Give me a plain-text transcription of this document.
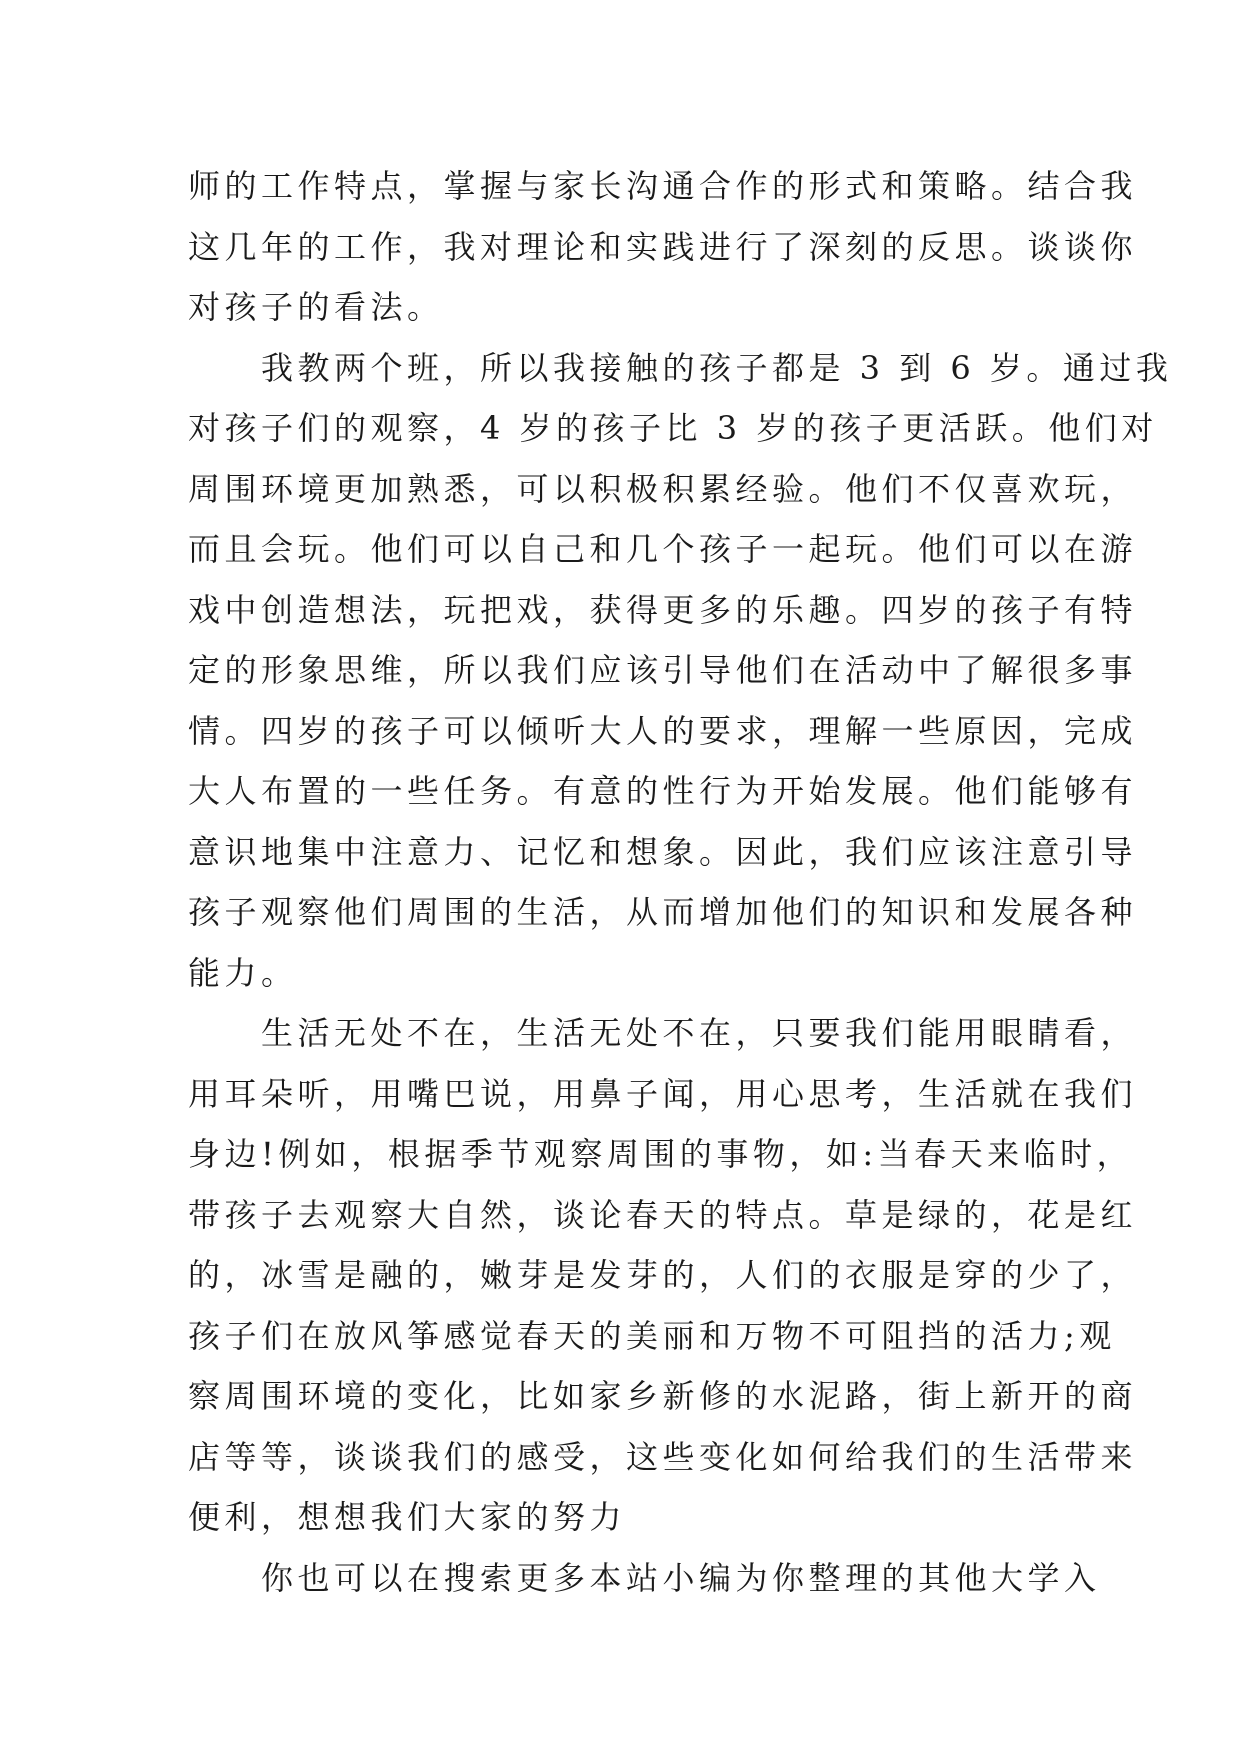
师的工作特点，掌握与家长沟通合作的形式和策略。结合我
这几年的工作，我对理论和实践进行了深刻的反思。谈谈你
对孩子的看法。
我教两个班，所以我接触的孩子都是 3 到 6 岁。通过我
对孩子们的观察，4 岁的孩子比 3 岁的孩子更活跃。他们对
周围环境更加熟悉，可以积极积累经验。他们不仅喜欢玩，
而且会玩。他们可以自己和几个孩子一起玩。他们可以在游
戏中创造想法，玩把戏，获得更多的乐趣。四岁的孩子有特
定的形象思维，所以我们应该引导他们在活动中了解很多事
情。四岁的孩子可以倾听大人的要求，理解一些原因，完成
大人布置的一些任务。有意的性行为开始发展。他们能够有
意识地集中注意力、记忆和想象。因此，我们应该注意引导
孩子观察他们周围的生活，从而增加他们的知识和发展各种
能力。
生活无处不在，生活无处不在，只要我们能用眼睛看，
用耳朵听，用嘴巴说，用鼻子闻，用心思考，生活就在我们
身边!例如，根据季节观察周围的事物，如:当春天来临时，
带孩子去观察大自然，谈论春天的特点。草是绿的，花是红
的，冰雪是融的，嫩芽是发芽的，人们的衣服是穿的少了，
孩子们在放风筝感觉春天的美丽和万物不可阻挡的活力;观
察周围环境的变化，比如家乡新修的水泥路，街上新开的商
店等等，谈谈我们的感受，这些变化如何给我们的生活带来
便利，想想我们大家的努力
你也可以在搜索更多本站小编为你整理的其他大学入
